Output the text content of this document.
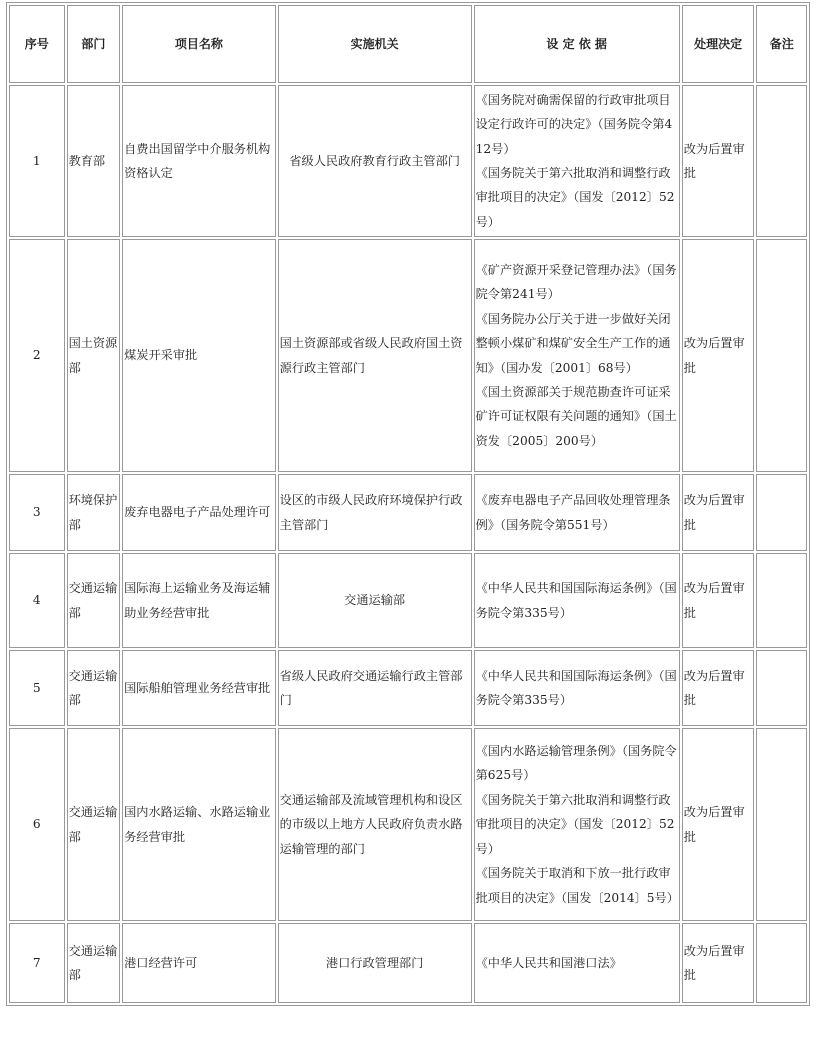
序号	部门	项目名称	实施机关	设 定 依 据	处理决定	备注
1	教育部	自费出国留学中介服务机构资格认定	省级人民政府教育行政主管部门	《国务院对确需保留的行政审批项目设定行政许可的决定》（国务院令第412号）
《国务院关于第六批取消和调整行政审批项目的决定》（国发〔2012〕52号）	改为后置审批	
2	国土资源部	煤炭开采审批	国土资源部或省级人民政府国土资源行政主管部门	《矿产资源开采登记管理办法》（国务院令第241号）
《国务院办公厅关于进一步做好关闭整顿小煤矿和煤矿安全生产工作的通知》（国办发〔2001〕68号）
《国土资源部关于规范勘查许可证采矿许可证权限有关问题的通知》（国土资发〔2005〕200号）	改为后置审批	
3	环境保护部	废弃电器电子产品处理许可	设区的市级人民政府环境保护行政主管部门	《废弃电器电子产品回收处理管理条例》（国务院令第551号）	改为后置审批	
4	交通运输部	国际海上运输业务及海运辅助业务经营审批	交通运输部	《中华人民共和国国际海运条例》（国务院令第335号）	改为后置审批	
5	交通运输部	国际船舶管理业务经营审批	省级人民政府交通运输行政主管部门	《中华人民共和国国际海运条例》（国务院令第335号）	改为后置审批	
6	交通运输部	国内水路运输、水路运输业务经营审批	交通运输部及流域管理机构和设区的市级以上地方人民政府负责水路运输管理的部门	《国内水路运输管理条例》（国务院令第625号）
《国务院关于第六批取消和调整行政审批项目的决定》（国发〔2012〕52号）
《国务院关于取消和下放一批行政审批项目的决定》（国发〔2014〕5号）	改为后置审批	
7	交通运输部	港口经营许可	港口行政管理部门	《中华人民共和国港口法》	改为后置审批	
